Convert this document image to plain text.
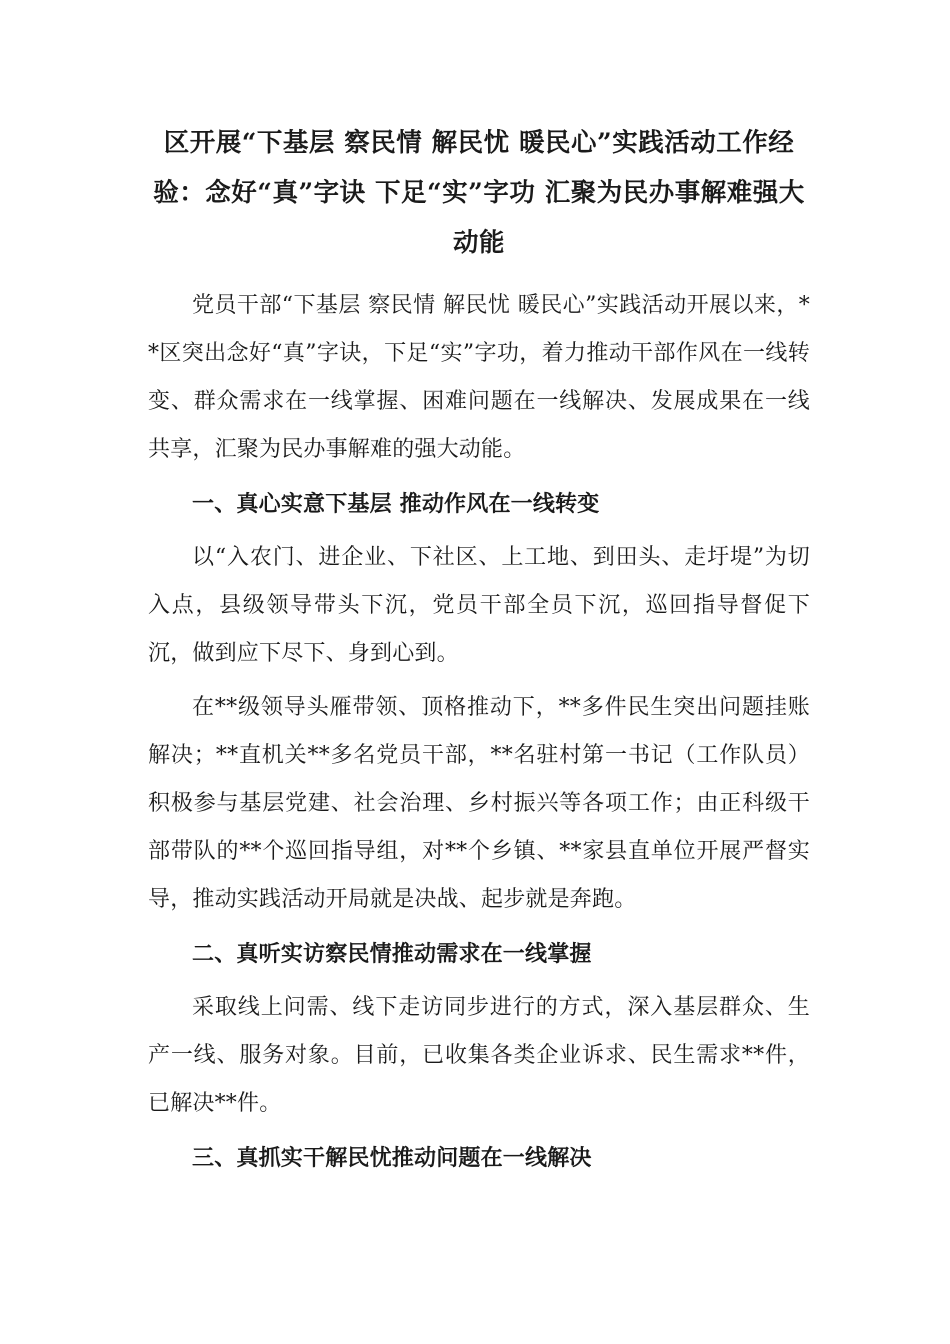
区开展“下基层 察民情 解民忧 暖民心”实践活动工作经验：念好“真”字诀 下足“实”字功 汇聚为民办事解难强大动能

党员干部“下基层 察民情 解民忧 暖民心”实践活动开展以来，**区突出念好“真”字诀，下足“实”字功，着力推动干部作风在一线转变、群众需求在一线掌握、困难问题在一线解决、发展成果在一线共享，汇聚为民办事解难的强大动能。

一、真心实意下基层 推动作风在一线转变

以“入农门、进企业、下社区、上工地、到田头、走圩堤”为切入点，县级领导带头下沉，党员干部全员下沉，巡回指导督促下沉，做到应下尽下、身到心到。

在**级领导头雁带领、顶格推动下，**多件民生突出问题挂账解决；**直机关**多名党员干部，**名驻村第一书记（工作队员）积极参与基层党建、社会治理、乡村振兴等各项工作；由正科级干部带队的**个巡回指导组，对**个乡镇、**家县直单位开展严督实导，推动实践活动开局就是决战、起步就是奔跑。

二、真听实访察民情推动需求在一线掌握

采取线上问需、线下走访同步进行的方式，深入基层群众、生产一线、服务对象。目前，已收集各类企业诉求、民生需求**件，已解决**件。

三、真抓实干解民忧推动问题在一线解决
